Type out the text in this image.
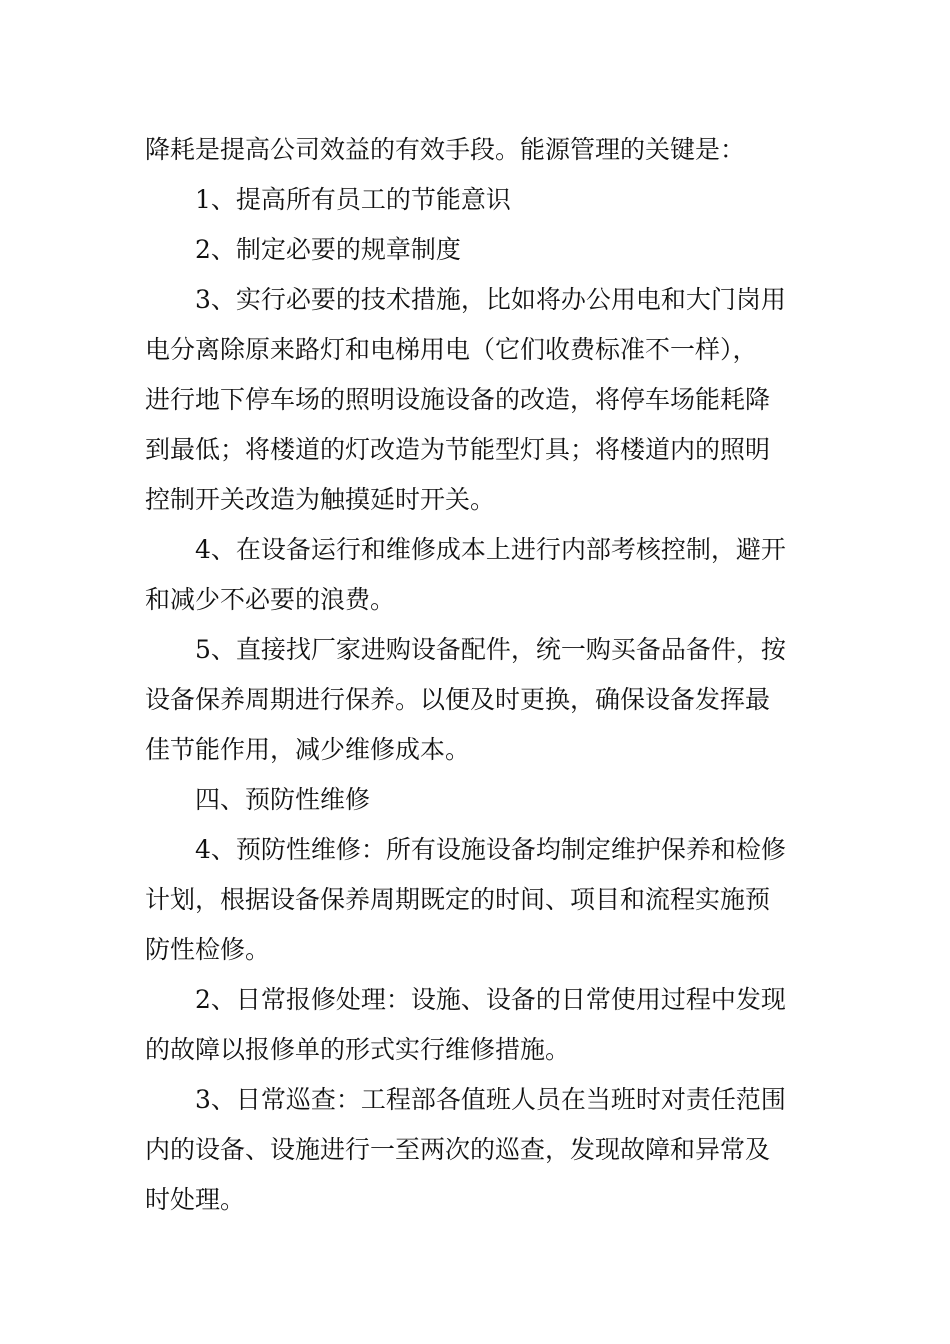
降耗是提高公司效益的有效手段。能源管理的关键是：

1、提高所有员工的节能意识

2、制定必要的规章制度

3、实行必要的技术措施，比如将办公用电和大门岗用

电分离除原来路灯和电梯用电（它们收费标准不一样），

进行地下停车场的照明设施设备的改造，将停车场能耗降

到最低；将楼道的灯改造为节能型灯具；将楼道内的照明

控制开关改造为触摸延时开关。

4、在设备运行和维修成本上进行内部考核控制，避开

和减少不必要的浪费。

5、直接找厂家进购设备配件，统一购买备品备件，按

设备保养周期进行保养。以便及时更换，确保设备发挥最

佳节能作用，减少维修成本。

四、预防性维修

4、预防性维修：所有设施设备均制定维护保养和检修

计划，根据设备保养周期既定的时间、项目和流程实施预

防性检修。

2、日常报修处理：设施、设备的日常使用过程中发现

的故障以报修单的形式实行维修措施。

3、日常巡查：工程部各值班人员在当班时对责任范围

内的设备、设施进行一至两次的巡查，发现故障和异常及

时处理。
